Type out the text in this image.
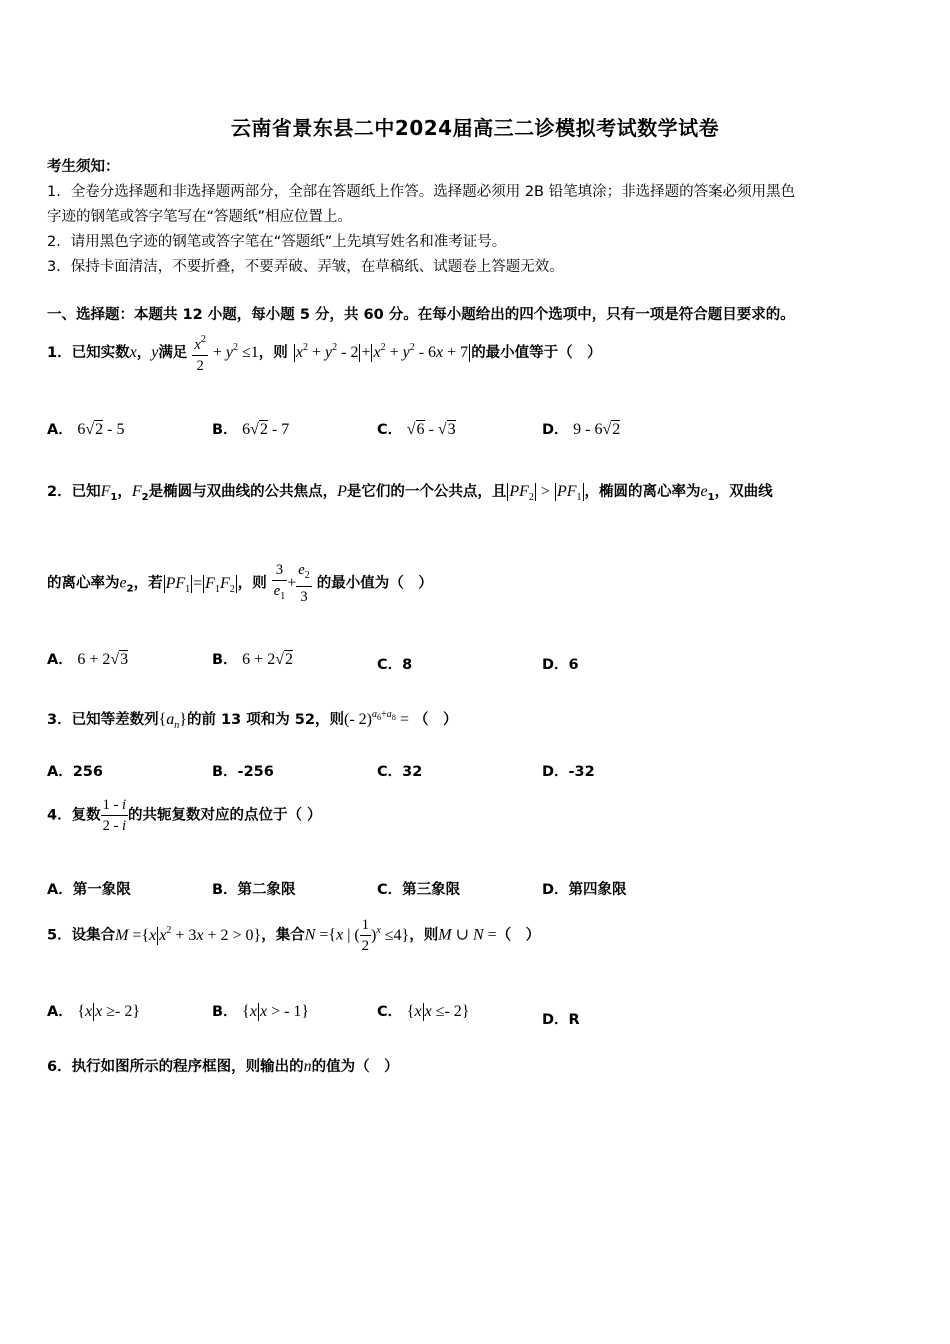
云南省景东县二中2024届高三二诊模拟考试数学试卷
考生须知：
1．全卷分选择题和非选择题两部分，全部在答题纸上作答。选择题必须用 2B 铅笔填涂；非选择题的答案必须用黑色
字迹的钢笔或答字笔写在“答题纸”相应位置上。
2．请用黑色字迹的钢笔或答字笔在“答题纸”上先填写姓名和准考证号。
3．保持卡面清洁，不要折叠，不要弄破、弄皱，在草稿纸、试题卷上答题无效。
一、选择题：本题共 12 小题，每小题 5 分，共 60 分。在每小题给出的四个选项中，只有一项是符合题目要求的。
1．已知实数x，y满足 $\frac{x^2}{2} + y^2 \le 1$，则 $x^2 + y^2 - 2 + x^2 + y^2 - 6x + 7$ 的最小值等于（　）
A． 6√2 - 5	B． 6√2 - 7	C． √6 - √3	D． 9 - 6√2
2．已知$F_1$，$F_2$是椭圆与双曲线的公共焦点，P是它们的一个公共点，且 $PF_2 > PF_1$ ，椭圆的离心率为$e_1$，双曲线
的离心率为$e_2$，若 $PF_1 = F_1F_2$ ，则 $\frac{3}{e_1} + \frac{e_2}{3}$ 的最小值为（　）
A． 6 + 2√3	B． 6 + 2√2	C．8	D．6
3．已知等差数列$\{a_n\}$的前 13 项和为 52，则(- 2)$^{a_6+a_8}$ = （　）
A．256	B．-256	C．32	D．-32
4．复数 $\frac{1 - i}{2 - i}$ 的共轭复数对应的点位于（ ）
A．第一象限	B．第二象限	C．第三象限	D．第四象限
5．设集合M ={x $x^2 + 3x + 2 > 0$}，集合N ={x | ( $\frac{1}{2} )^x \le 4$}，则M ∪ N =（　）
A． {x x ≥- 2}	B． {x x > - 1}	C． {x x ≤- 2}	D．R
6．执行如图所示的程序框图，则输出的n的值为（　）
